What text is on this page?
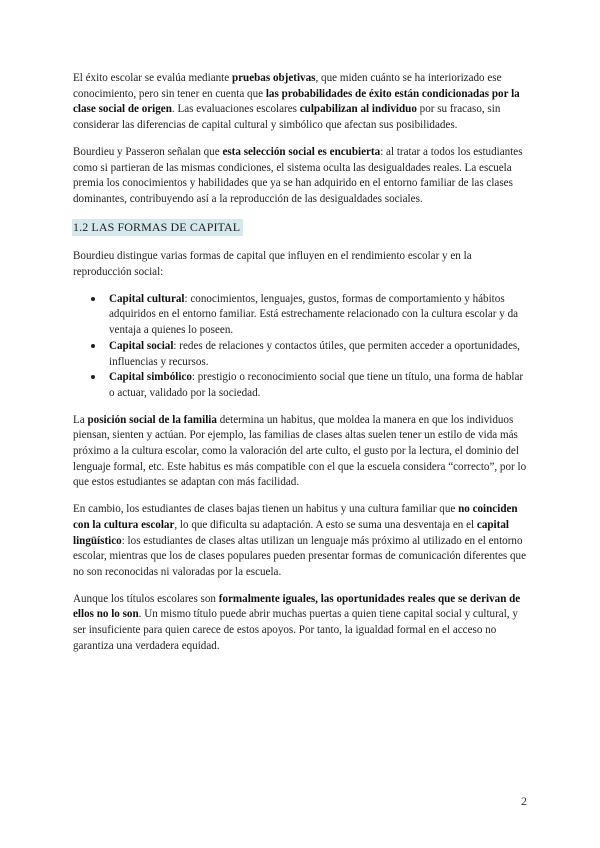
El éxito escolar se evalúa mediante pruebas objetivas, que miden cuánto se ha interiorizado ese conocimiento, pero sin tener en cuenta que las probabilidades de éxito están condicionadas por la clase social de origen. Las evaluaciones escolares culpabilizan al individuo por su fracaso, sin considerar las diferencias de capital cultural y simbólico que afectan sus posibilidades.

Bourdieu y Passeron señalan que esta selección social es encubierta: al tratar a todos los estudiantes como si partieran de las mismas condiciones, el sistema oculta las desigualdades reales. La escuela premia los conocimientos y habilidades que ya se han adquirido en el entorno familiar de las clases dominantes, contribuyendo así a la reproducción de las desigualdades sociales.

1.2 LAS FORMAS DE CAPITAL

Bourdieu distingue varias formas de capital que influyen en el rendimiento escolar y en la reproducción social:

Capital cultural: conocimientos, lenguajes, gustos, formas de comportamiento y hábitos adquiridos en el entorno familiar. Está estrechamente relacionado con la cultura escolar y da ventaja a quienes lo poseen.
Capital social: redes de relaciones y contactos útiles, que permiten acceder a oportunidades, influencias y recursos.
Capital simbólico: prestigio o reconocimiento social que tiene un título, una forma de hablar o actuar, validado por la sociedad.

La posición social de la familia determina un habitus, que moldea la manera en que los individuos piensan, sienten y actúan. Por ejemplo, las familias de clases altas suelen tener un estilo de vida más próximo a la cultura escolar, como la valoración del arte culto, el gusto por la lectura, el dominio del lenguaje formal, etc. Este habitus es más compatible con el que la escuela considera “correcto”, por lo que estos estudiantes se adaptan con más facilidad.

En cambio, los estudiantes de clases bajas tienen un habitus y una cultura familiar que no coinciden con la cultura escolar, lo que dificulta su adaptación. A esto se suma una desventaja en el capital lingüístico: los estudiantes de clases altas utilizan un lenguaje más próximo al utilizado en el entorno escolar, mientras que los de clases populares pueden presentar formas de comunicación diferentes que no son reconocidas ni valoradas por la escuela.

Aunque los títulos escolares son formalmente iguales, las oportunidades reales que se derivan de ellos no lo son. Un mismo título puede abrir muchas puertas a quien tiene capital social y cultural, y ser insuficiente para quien carece de estos apoyos. Por tanto, la igualdad formal en el acceso no garantiza una verdadera equidad.

2
